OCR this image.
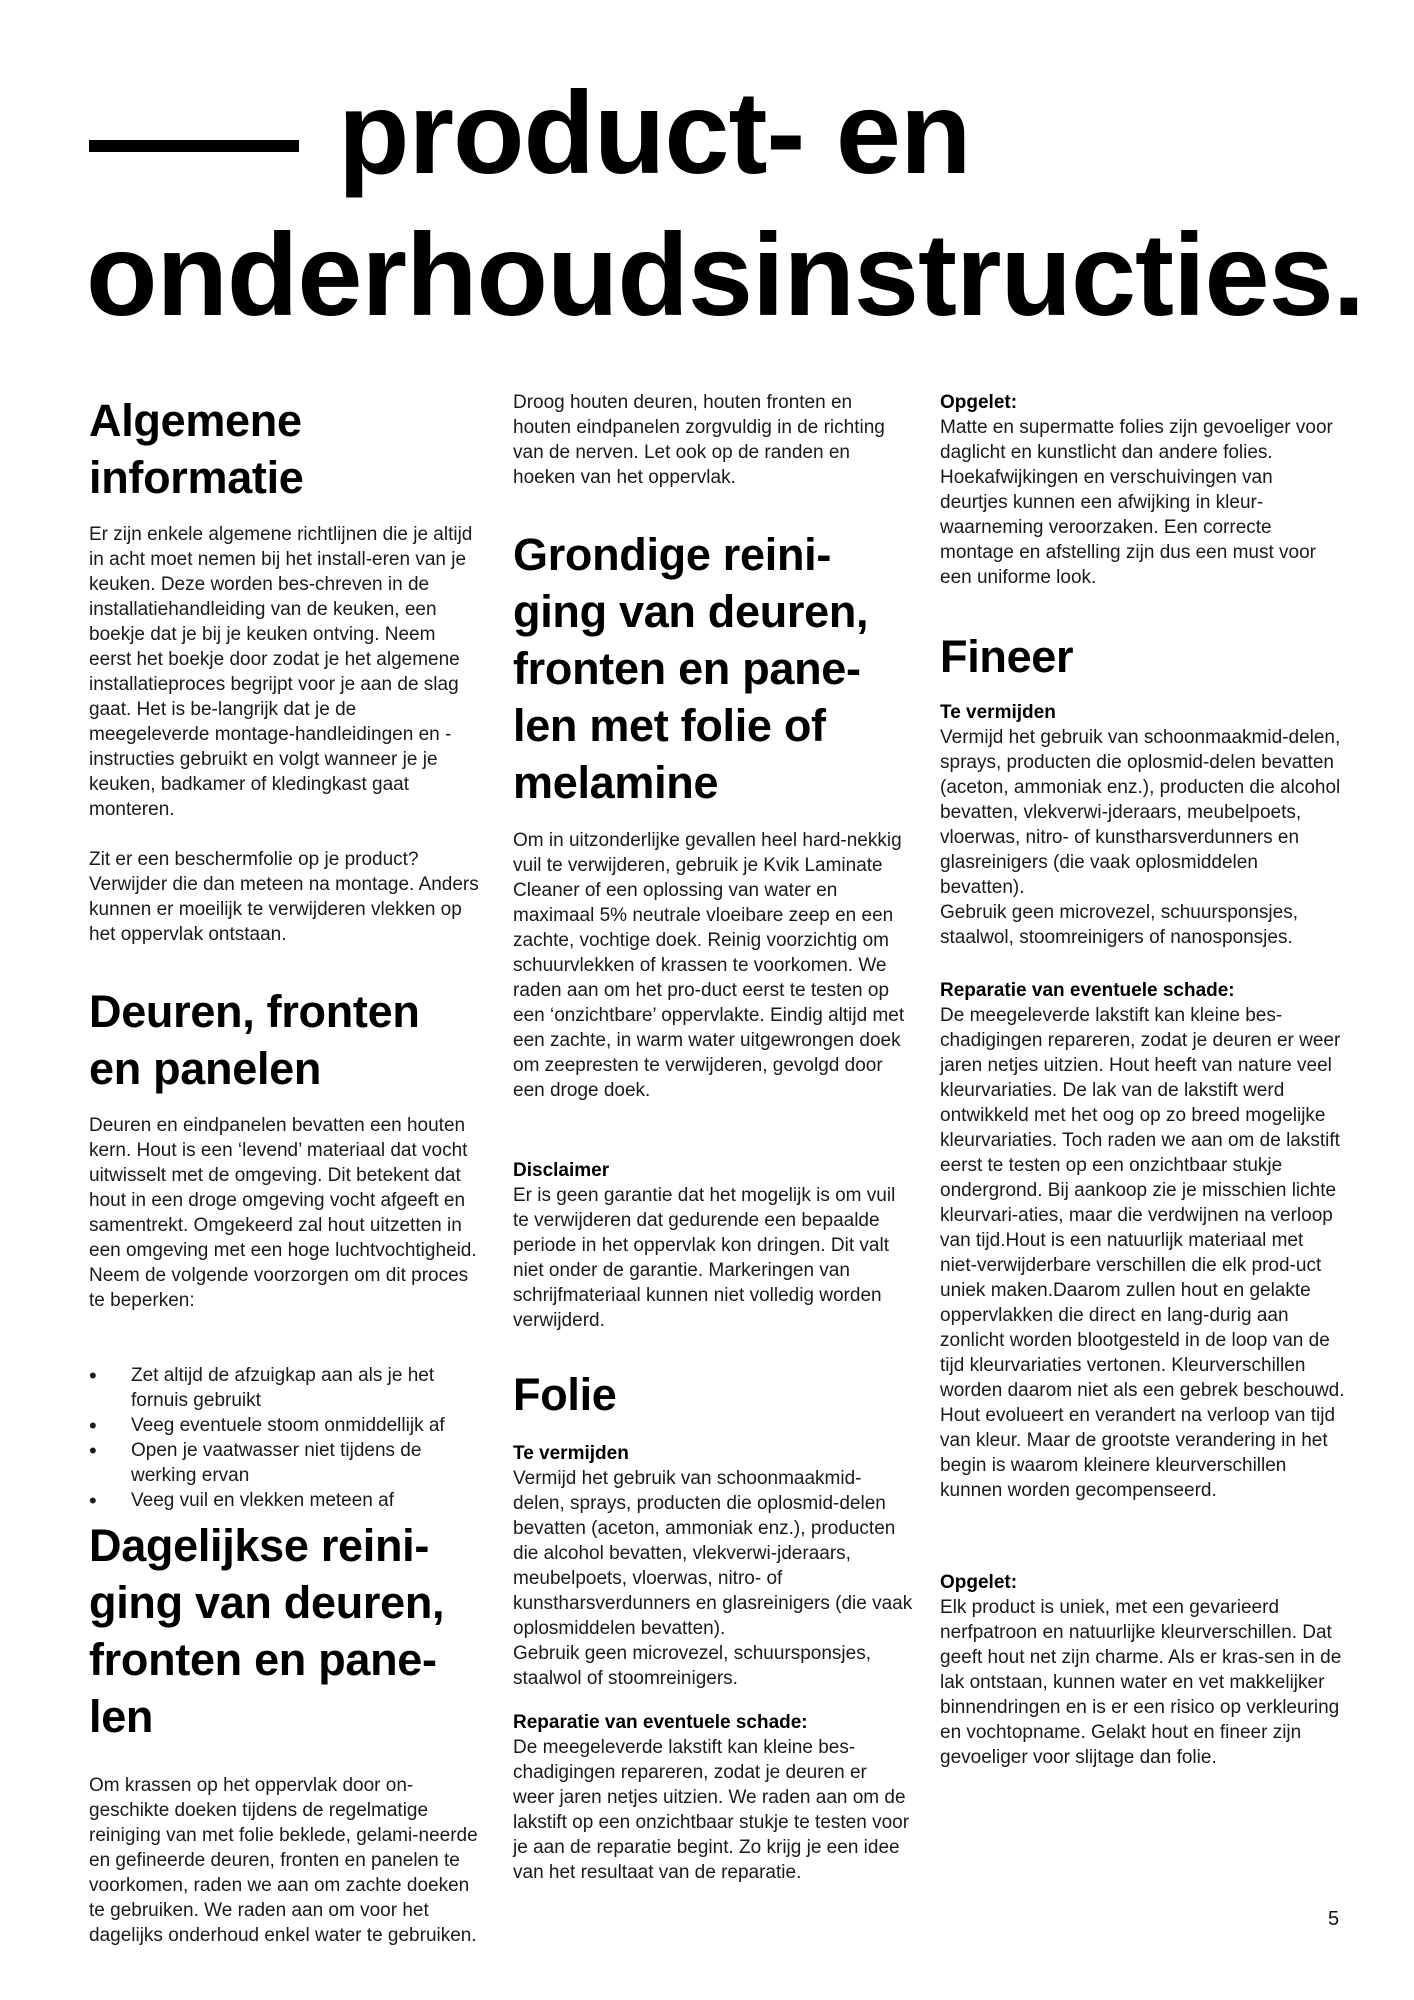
product- en
onderhoudsinstructies.
Algemene informatie

Er zijn enkele algemene richtlijnen die je altijd in acht moet nemen bij het install-eren van je keuken. Deze worden bes-chreven in de installatiehandleiding van de keuken, een boekje dat je bij je keuken ontving. Neem eerst het boekje door zodat je het algemene installatieproces begrijpt voor je aan de slag gaat. Het is be-langrijk dat je de meegeleverde montage-handleidingen en -instructies gebruikt en volgt wanneer je je keuken, badkamer of kledingkast gaat monteren.

Zit er een beschermfolie op je product? Verwijder die dan meteen na montage. Anders kunnen er moeilijk te verwijderen vlekken op het oppervlak ontstaan.

Deuren, fronten en panelen

Deuren en eindpanelen bevatten een houten kern. Hout is een ‘levend’ materiaal dat vocht uitwisselt met de omgeving. Dit betekent dat hout in een droge omgeving vocht afgeeft en samentrekt. Omgekeerd zal hout uitzetten in een omgeving met een hoge luchtvochtigheid. Neem de volgende voorzorgen om dit proces te beperken:

• Zet altijd de afzuigkap aan als je het fornuis gebruikt
• Veeg eventuele stoom onmiddellijk af
• Open je vaatwasser niet tijdens de werking ervan
• Veeg vuil en vlekken meteen af
Dagelijkse reini-ging van deuren, fronten en pane-len

Om krassen op het oppervlak door on-geschikte doeken tijdens de regelmatige reiniging van met folie beklede, gelami-neerde en gefineerde deuren, fronten en panelen te voorkomen, raden we aan om zachte doeken te gebruiken. We raden aan om voor het dagelijks onderhoud enkel water te gebruiken.

Droog houten deuren, houten fronten en houten eindpanelen zorgvuldig in de richting van de nerven. Let ook op de randen en hoeken van het oppervlak.

Grondige reini-ging van deuren, fronten en pane-len met folie of melamine

Om in uitzonderlijke gevallen heel hard-nekkig vuil te verwijderen, gebruik je Kvik Laminate Cleaner of een oplossing van water en maximaal 5% neutrale vloeibare zeep en een zachte, vochtige doek. Reinig voorzichtig om schuurvlekken of krassen te voorkomen. We raden aan om het pro-duct eerst te testen op een ‘onzichtbare’ oppervlakte. Eindig altijd met een zachte, in warm water uitgewrongen doek om zeepresten te verwijderen, gevolgd door een droge doek.

Disclaimer

Er is geen garantie dat het mogelijk is om vuil te verwijderen dat gedurende een bepaalde periode in het oppervlak kon dringen. Dit valt niet onder de garantie. Markeringen van schrijfmateriaal kunnen niet volledig worden verwijderd.

Folie

Te vermijden

Vermijd het gebruik van schoonmaakmid-delen, sprays, producten die oplosmid-delen bevatten (aceton, ammoniak enz.), producten die alcohol bevatten, vlekverwi-jderaars, meubelpoets, vloerwas, nitro- of kunstharsverdunners en glasreinigers (die vaak oplosmiddelen bevatten).

Gebruik geen microvezel, schuursponsjes, staalwol of stoomreinigers.

Reparatie van eventuele schade:

De meegeleverde lakstift kan kleine bes-chadigingen repareren, zodat je deuren er weer jaren netjes uitzien. We raden aan om de lakstift op een onzichtbaar stukje te testen voor je aan de reparatie begint. Zo krijg je een idee van het resultaat van de reparatie.

Opgelet:

Matte en supermatte folies zijn gevoeliger voor daglicht en kunstlicht dan andere folies. Hoekafwijkingen en verschuivingen van deurtjes kunnen een afwijking in kleur-waarneming veroorzaken. Een correcte montage en afstelling zijn dus een must voor een uniforme look.

Fineer

Te vermijden

Vermijd het gebruik van schoonmaakmid-delen, sprays, producten die oplosmid-delen bevatten (aceton, ammoniak enz.), producten die alcohol bevatten, vlekverwi-jderaars, meubelpoets, vloerwas, nitro- of kunstharsverdunners en glasreinigers (die vaak oplosmiddelen bevatten).

Gebruik geen microvezel, schuursponsjes, staalwol, stoomreinigers of nanosponsjes.

Reparatie van eventuele schade:

De meegeleverde lakstift kan kleine bes-chadigingen repareren, zodat je deuren er weer jaren netjes uitzien. Hout heeft van nature veel kleurvariaties. De lak van de lakstift werd ontwikkeld met het oog op zo breed mogelijke kleurvariaties. Toch raden we aan om de lakstift eerst te testen op een onzichtbaar stukje ondergrond. Bij aankoop zie je misschien lichte kleurvari-aties, maar die verdwijnen na verloop van tijd.Hout is een natuurlijk materiaal met niet-verwijderbare verschillen die elk prod-uct uniek maken.Daarom zullen hout en gelakte oppervlakken die direct en lang-durig aan zonlicht worden blootgesteld in de loop van de tijd kleurvariaties vertonen. Kleurverschillen worden daarom niet als een gebrek beschouwd. Hout evolueert en verandert na verloop van tijd van kleur. Maar de grootste verandering in het begin is waarom kleinere kleurverschillen kunnen worden gecompenseerd.

Opgelet:

Elk product is uniek, met een gevarieerd nerfpatroon en natuurlijke kleurverschillen. Dat geeft hout net zijn charme. Als er kras-sen in de lak ontstaan, kunnen water en vet makkelijker binnendringen en is er een risico op verkleuring en vochtopname. Gelakt hout en fineer zijn gevoeliger voor slijtage dan folie.

5
